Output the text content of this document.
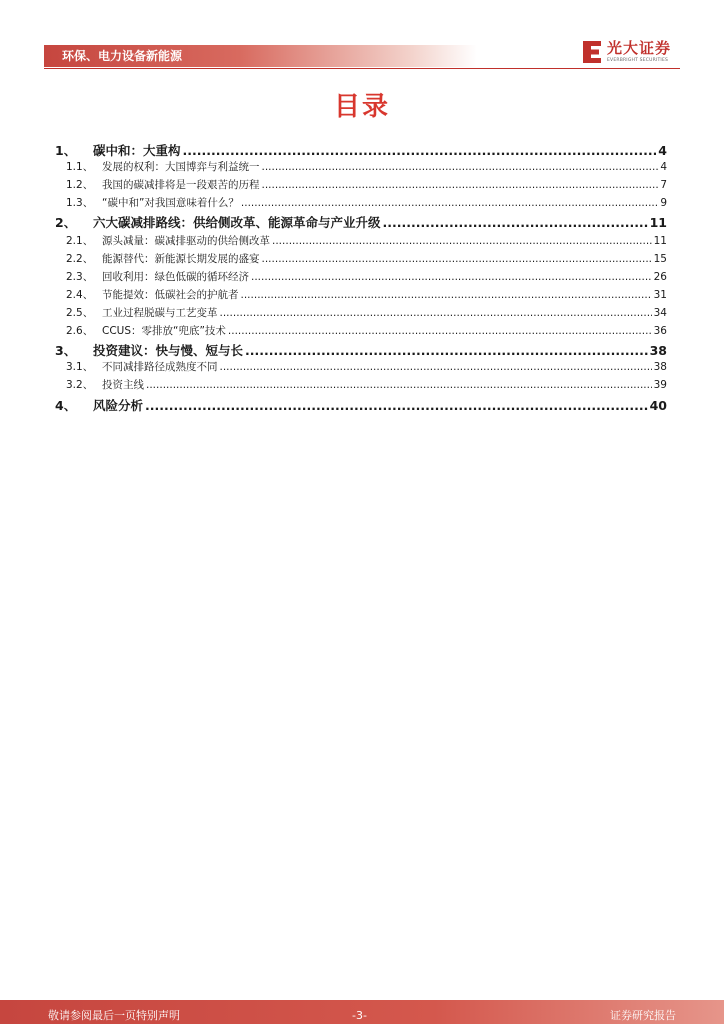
环保、电力设备新能源	光大证券
EVERBRIGHT SECURITIES
目录
1、	碳中和：大重构 .....	4
1.1、 发展的权利：大国博弈与利益统一 .....	4
1.2、 我国的碳减排将是一段艰苦的历程 .....	7
1.3、 “碳中和”对我国意味着什么？ .....	9
2、	六大碳减排路线：供给侧改革、能源革命与产业升级 .....	11
2.1、 源头减量：碳减排驱动的供给侧改革 .....	11
2.2、 能源替代：新能源长期发展的盛宴 .....	15
2.3、 回收利用：绿色低碳的循环经济 .....	26
2.4、 节能提效：低碳社会的护航者 .....	31
2.5、 工业过程脱碳与工艺变革 .....	34
2.6、 CCUS：零排放“兜底”技术 .....	36
3、	投资建议：快与慢、短与长 .....	38
3.1、 不同减排路径成熟度不同 .....	38
3.2、 投资主线 .....	39
4、	风险分析 .....	40
敬请参阅最后一页特别声明	-3-	证券研究报告
